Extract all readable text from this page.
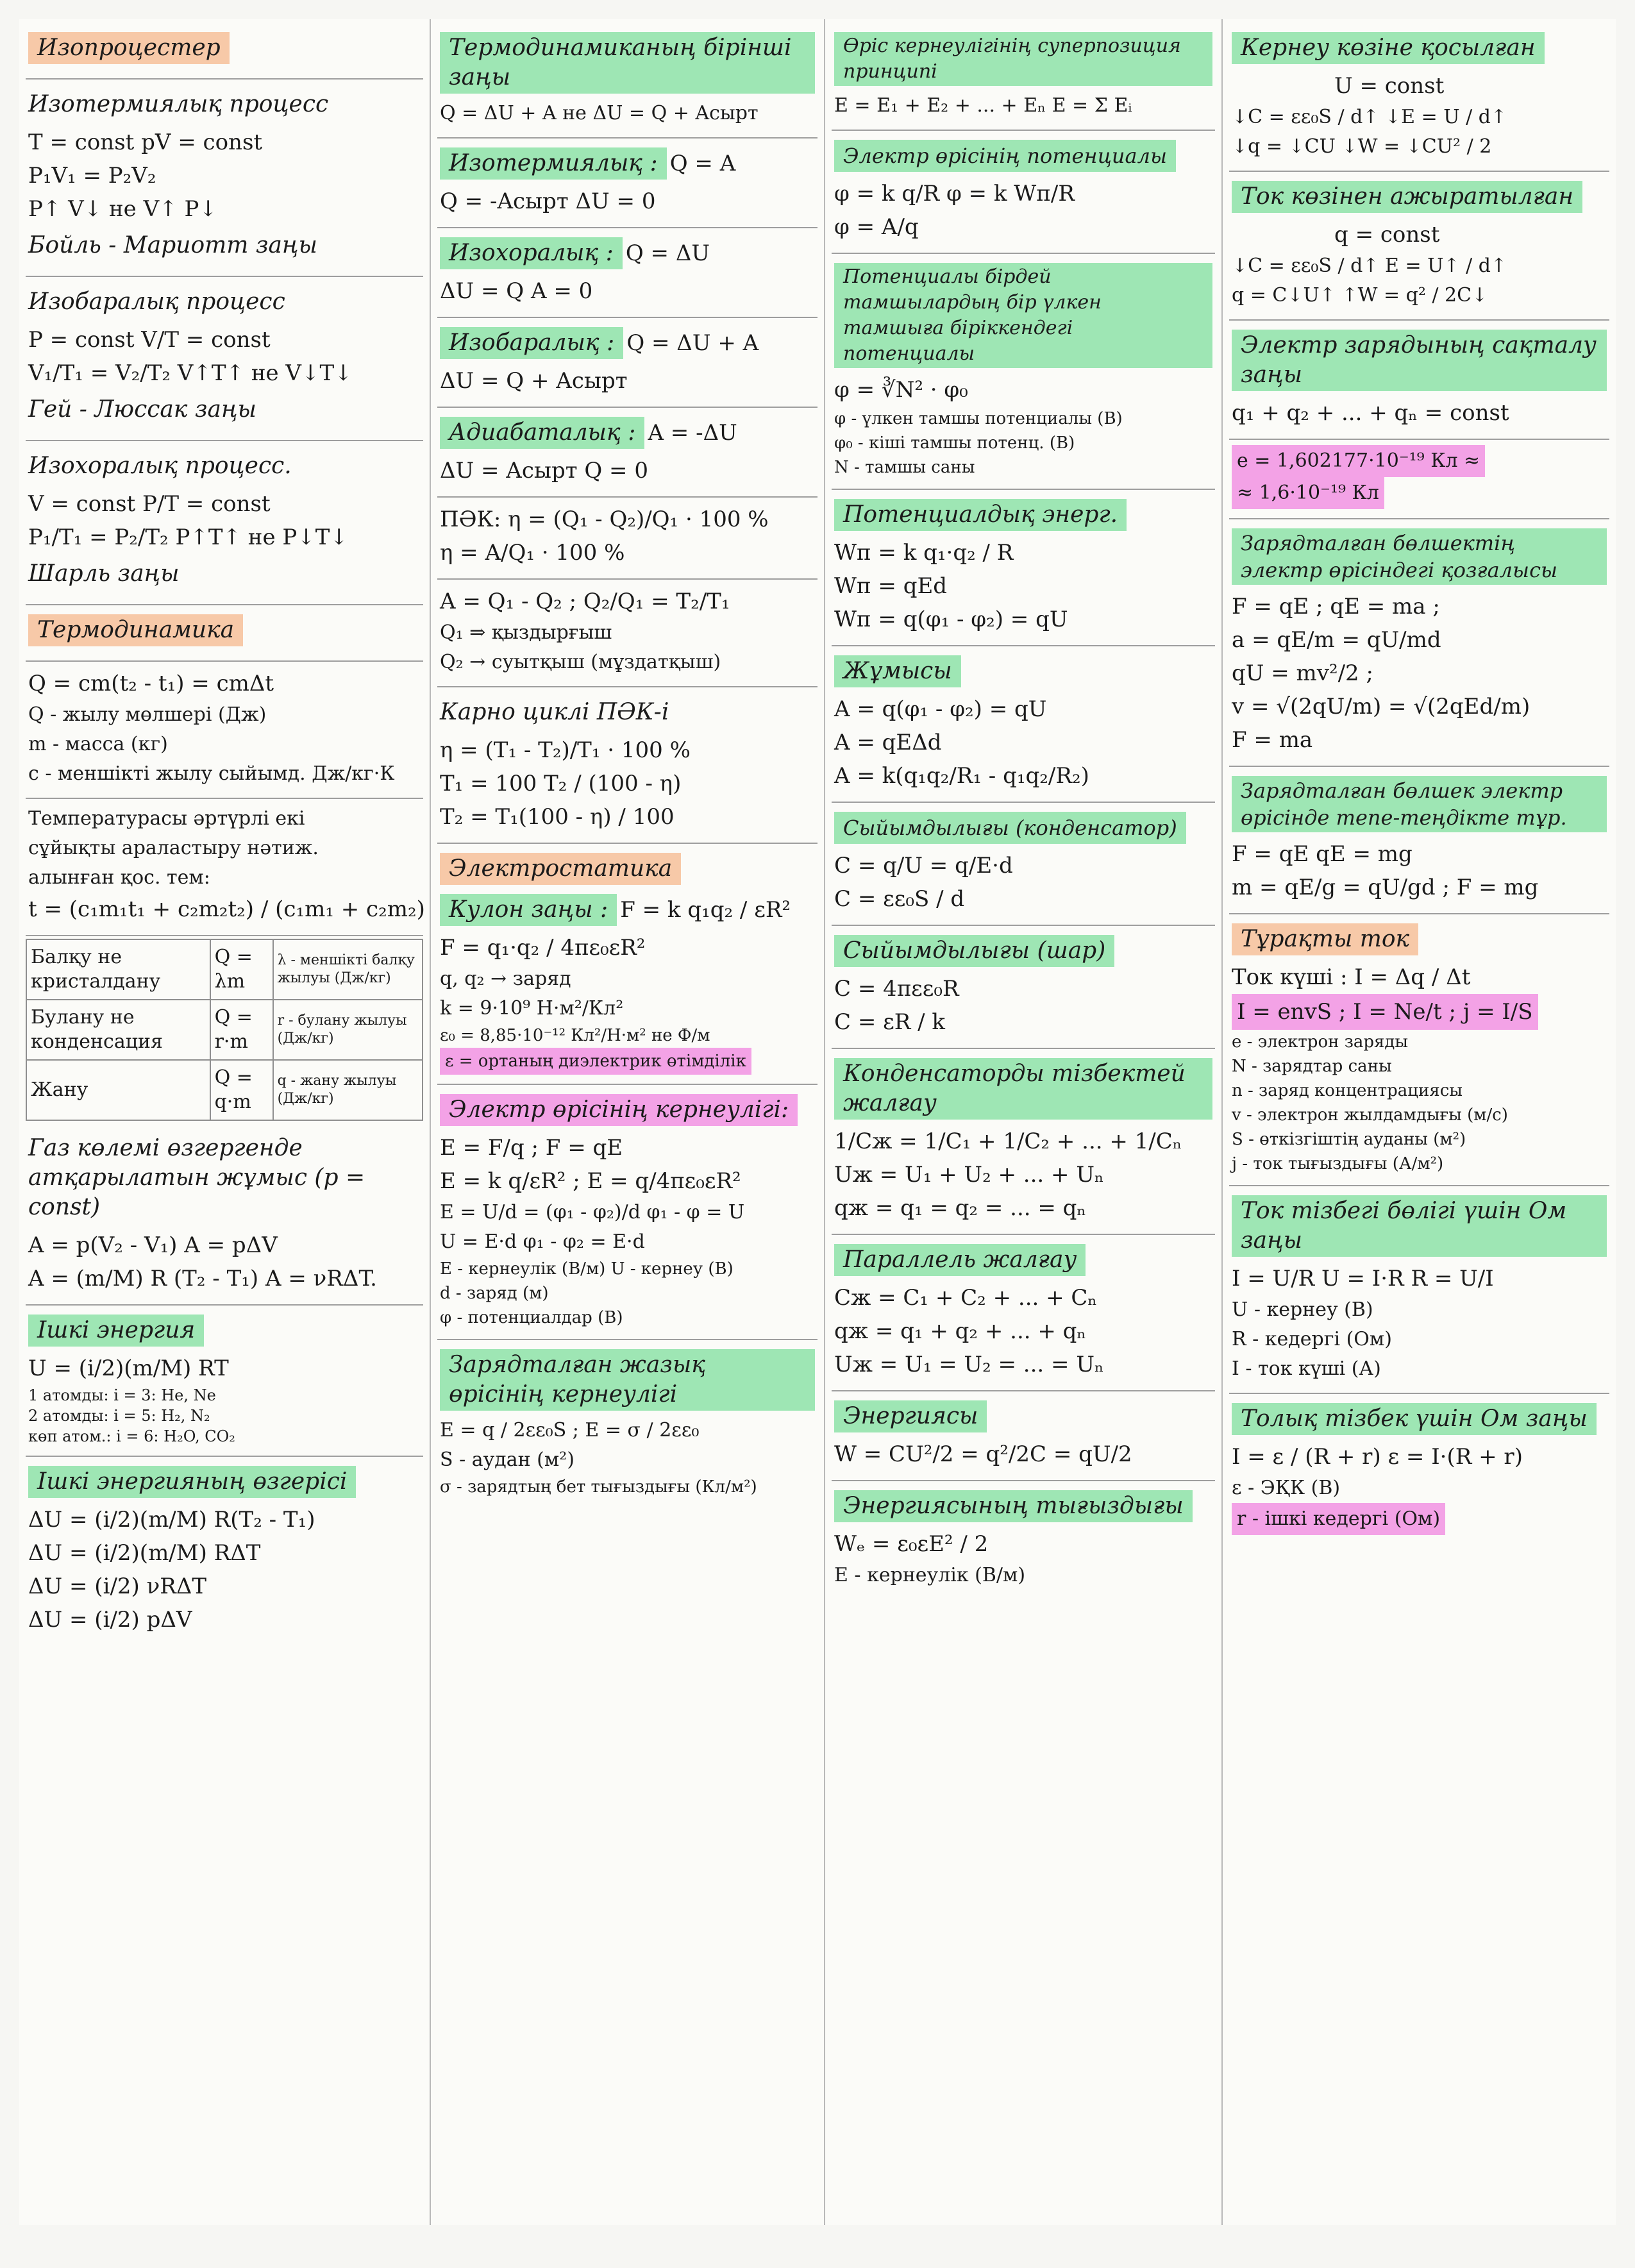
Изопроцестер
Изотермиялық процесс
T = const pV = const
P₁V₁ = P₂V₂
P↑ V↓ не V↑ P↓
Бойль - Мариотт заңы
Изобаралық процесс
P = const V/T = const
V₁/T₁ = V₂/T₂ V↑T↑ не V↓T↓
Гей - Люссак заңы
Изохоралық процесс.
V = const P/T = const
P₁/T₁ = P₂/T₂ P↑T↑ не P↓T↓
Шарль заңы
Термодинамика
Q = cm(t₂ - t₁) = cmΔt
Q - жылу мөлшері (Дж)
m - масса (кг)
c - меншікті жылу сыйымд. Дж/кг·К
Температурасы әртүрлі екі
сұйықты араластыру нәтиж.
алынған қос. тем:
t = (c₁m₁t₁ + c₂m₂t₂) / (c₁m₁ + c₂m₂)
Балқу не кристалдану	Q = λm	λ - меншікті балқу жылуы (Дж/кг)
Булану не конденсация	Q = r·m	r - булану жылуы (Дж/кг)
Жану	Q = q·m	q - жану жылуы (Дж/кг)
Газ көлемі өзгергенде атқарылатын жұмыс (p = const)
A = p(V₂ - V₁) A = pΔV
A = (m/M) R (T₂ - T₁) A = νRΔT.
Ішкі энергия
U = (i/2)(m/M) RT
1 атомды: i = 3: He, Ne
2 атомды: i = 5: H₂, N₂
көп атом.: i = 6: H₂O, CO₂
Ішкі энергияның өзгерісі
ΔU = (i/2)(m/M) R(T₂ - T₁)
ΔU = (i/2)(m/M) RΔT
ΔU = (i/2) νRΔT
ΔU = (i/2) pΔV
Термодинамиканың бірінші заңы
Q = ΔU + A не ΔU = Q + Aсырт
Изотермиялық : Q = A
Q = -Aсырт ΔU = 0
Изохоралық : Q = ΔU
ΔU = Q A = 0
Изобаралық : Q = ΔU + A
ΔU = Q + Aсырт
Адиабаталық : A = -ΔU
ΔU = Aсырт Q = 0
ПӘК: η = (Q₁ - Q₂)/Q₁ · 100 %
η = A/Q₁ · 100 %
A = Q₁ - Q₂ ; Q₂/Q₁ = T₂/T₁
Q₁ ⇒ қыздырғыш
Q₂ → суытқыш (мұздатқыш)
Карно циклі ПӘК-і
η = (T₁ - T₂)/T₁ · 100 %
T₁ = 100 T₂ / (100 - η)
T₂ = T₁(100 - η) / 100
Электростатика
Кулон заңы : F = k q₁q₂ / εR²
F = q₁·q₂ / 4πε₀εR²
q, q₂ → заряд
k = 9·10⁹ Н·м²/Кл²
ε₀ = 8,85·10⁻¹² Кл²/Н·м² не Ф/м
ε = ортаның диэлектрик өтімділік
Электр өрісінің кернеулігі:
E = F/q ; F = qE
E = k q/εR² ; E = q/4πε₀εR²
E = U/d = (φ₁ - φ₂)/d φ₁ - φ = U
U = E·d φ₁ - φ₂ = E·d
E - кернеулік (В/м) U - кернеу (В)
d - заряд (м)
φ - потенциалдар (В)
Зарядталған жазық өрісінің кернеулігі
E = q / 2εε₀S ; E = σ / 2εε₀
S - аудан (м²)
σ - зарядтың бет тығыздығы (Кл/м²)
Өріс кернеулігінің суперпозиция принципі
E = E₁ + E₂ + ... + Eₙ E = Σ Eᵢ
Электр өрісінің потенциалы
φ = k q/R φ = k Wп/R
φ = A/q
Потенциалы бірдей тамшылардың бір үлкен тамшыға біріккендегі потенциалы
φ = ∛N² · φ₀
φ - үлкен тамшы потенциалы (В)
φ₀ - кіші тамшы потенц. (В)
N - тамшы саны
Потенциалдық энерг.
Wп = k q₁·q₂ / R
Wп = qEd
Wп = q(φ₁ - φ₂) = qU
Жұмысы
A = q(φ₁ - φ₂) = qU
A = qEΔd
A = k(q₁q₂/R₁ - q₁q₂/R₂)
Сыйымдылығы (конденсатор)
C = q/U = q/E·d
C = εε₀S / d
Сыйымдылығы (шар)
C = 4πεε₀R
C = εR / k
Конденсаторды тізбектей жалғау
1/Cж = 1/C₁ + 1/C₂ + ... + 1/Cₙ
Uж = U₁ + U₂ + ... + Uₙ
qж = q₁ = q₂ = ... = qₙ
Параллель жалғау
Cж = C₁ + C₂ + ... + Cₙ
qж = q₁ + q₂ + ... + qₙ
Uж = U₁ = U₂ = ... = Uₙ
Энергиясы
W = CU²/2 = q²/2C = qU/2
Энергиясының тығыздығы
Wₑ = ε₀εE² / 2
E - кернеулік (В/м)
Кернеу көзіне қосылған
U = const
↓C = εε₀S / d↑ ↓E = U / d↑
↓q = ↓CU ↓W = ↓CU² / 2
Ток көзінен ажыратылған
q = const
↓C = εε₀S / d↑ E = U↑ / d↑
q = C↓U↑ ↑W = q² / 2C↓
Электр зарядының сақталу заңы
q₁ + q₂ + ... + qₙ = const
e = 1,602177·10⁻¹⁹ Кл ≈
≈ 1,6·10⁻¹⁹ Кл
Зарядталған бөлшектің электр өрісіндегі қозғалысы
F = qE ; qE = ma ;
a = qE/m = qU/md
qU = mv²/2 ;
v = √(2qU/m) = √(2qEd/m)
F = ma
Зарядталған бөлшек электр өрісінде тепе-теңдікте тұр.
F = qE qE = mg
m = qE/g = qU/gd ; F = mg
Тұрақты ток
Ток күші : I = Δq / Δt
I = envS ; I = Ne/t ; j = I/S
e - электрон заряды
N - зарядтар саны
n - заряд концентрациясы
v - электрон жылдамдығы (м/с)
S - өткізгіштің ауданы (м²)
j - ток тығыздығы (А/м²)
Ток тізбегі бөлігі үшін Ом заңы
I = U/R U = I·R R = U/I
U - кернеу (В)
R - кедергі (Ом)
I - ток күші (А)
Толық тізбек үшін Ом заңы
I = ε / (R + r) ε = I·(R + r)
ε - ЭҚК (В)
r - ішкі кедергі (Ом)
